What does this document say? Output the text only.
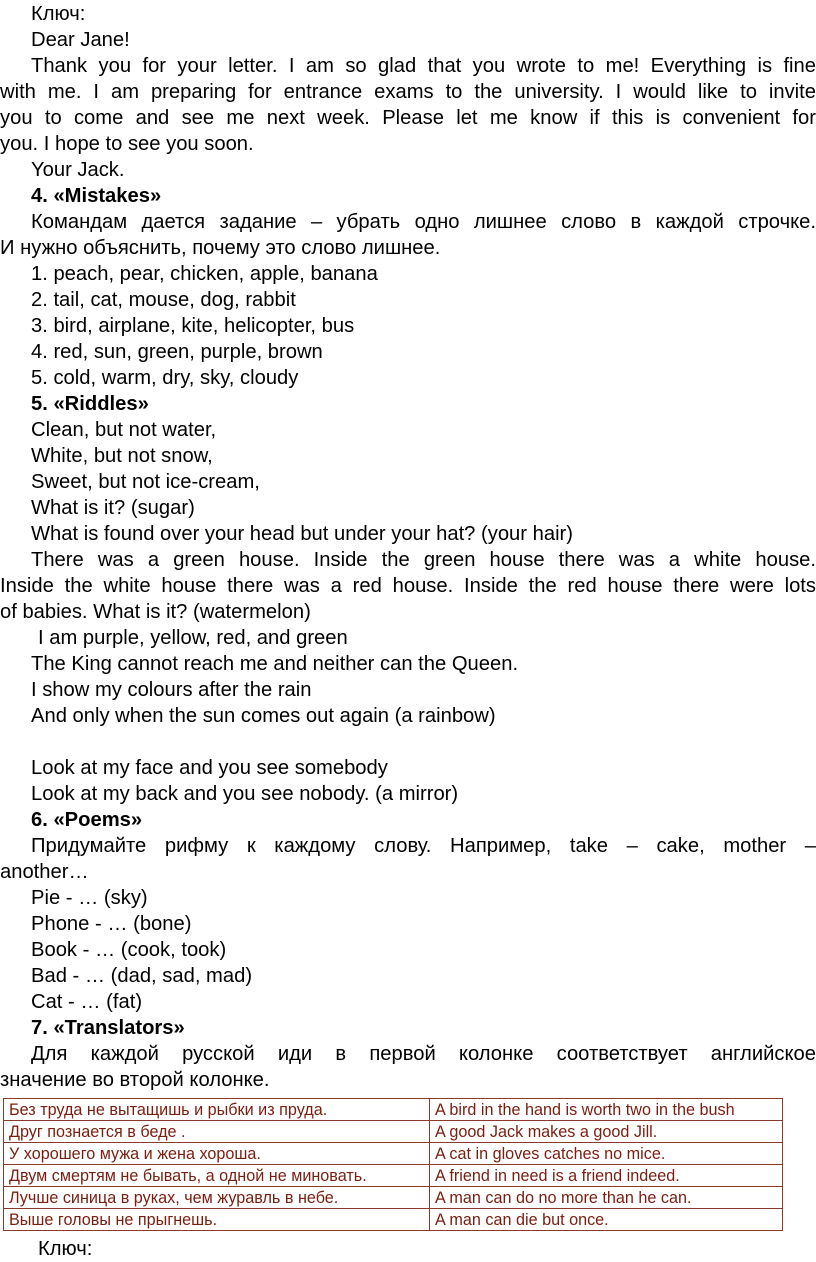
Ключ:
Dear Jane!
Thank you for your letter. I am so glad that you wrote to me! Everything is fine
with me. I am preparing for entrance exams to the university. I would like to invite
you to come and see me next week. Please let me know if this is convenient for
you. I hope to see you soon.
Your Jack.
4. «Mistakes»
Командам дается задание – убрать одно лишнее слово в каждой строчке.
И нужно объяснить, почему это слово лишнее.
1. peach, pear, chicken, apple, banana
2. tail, cat, mouse, dog, rabbit
3. bird, airplane, kite, helicopter, bus
4. red, sun, green, purple, brown
5. cold, warm, dry, sky, cloudy
5. «Riddles»
Clean, but not water,
White, but not snow,
Sweet, but not ice-cream,
What is it? (sugar)
What is found over your head but under your hat? (your hair)
There was a green house. Inside the green house there was a white house.
Inside the white house there was a red house. Inside the red house there were lots
of babies. What is it? (watermelon)
I am purple, yellow, red, and green
The King cannot reach me and neither can the Queen.
I show my colours after the rain
And only when the sun comes out again (a rainbow)
Look at my face and you see somebody
Look at my back and you see nobody. (a mirror)
6. «Poems»
Придумайте рифму к каждому слову. Например, take – cake, mother –
another…
Pie - … (sky)
Phone - … (bone)
Book - … (cook, took)
Bad - … (dad, sad, mad)
Cat - … (fat)
7. «Translators»
Для каждой русской иди в первой колонке соответствует английское
значение во второй колонке.
Без труда не вытащишь и рыбки из пруда.	A bird in the hand is worth two in the bush
Друг познается в беде .	A good Jack makes a good Jill.
У хорошего мужа и жена хороша.	A cat in gloves catches no mice.
Двум смертям не бывать, а одной не миновать.	A friend in need is a friend indeed.
Лучше синица в руках, чем журавль в небе.	A man can do no more than he can.
Выше головы не прыгнешь.	A man can die but once.
Ключ:
